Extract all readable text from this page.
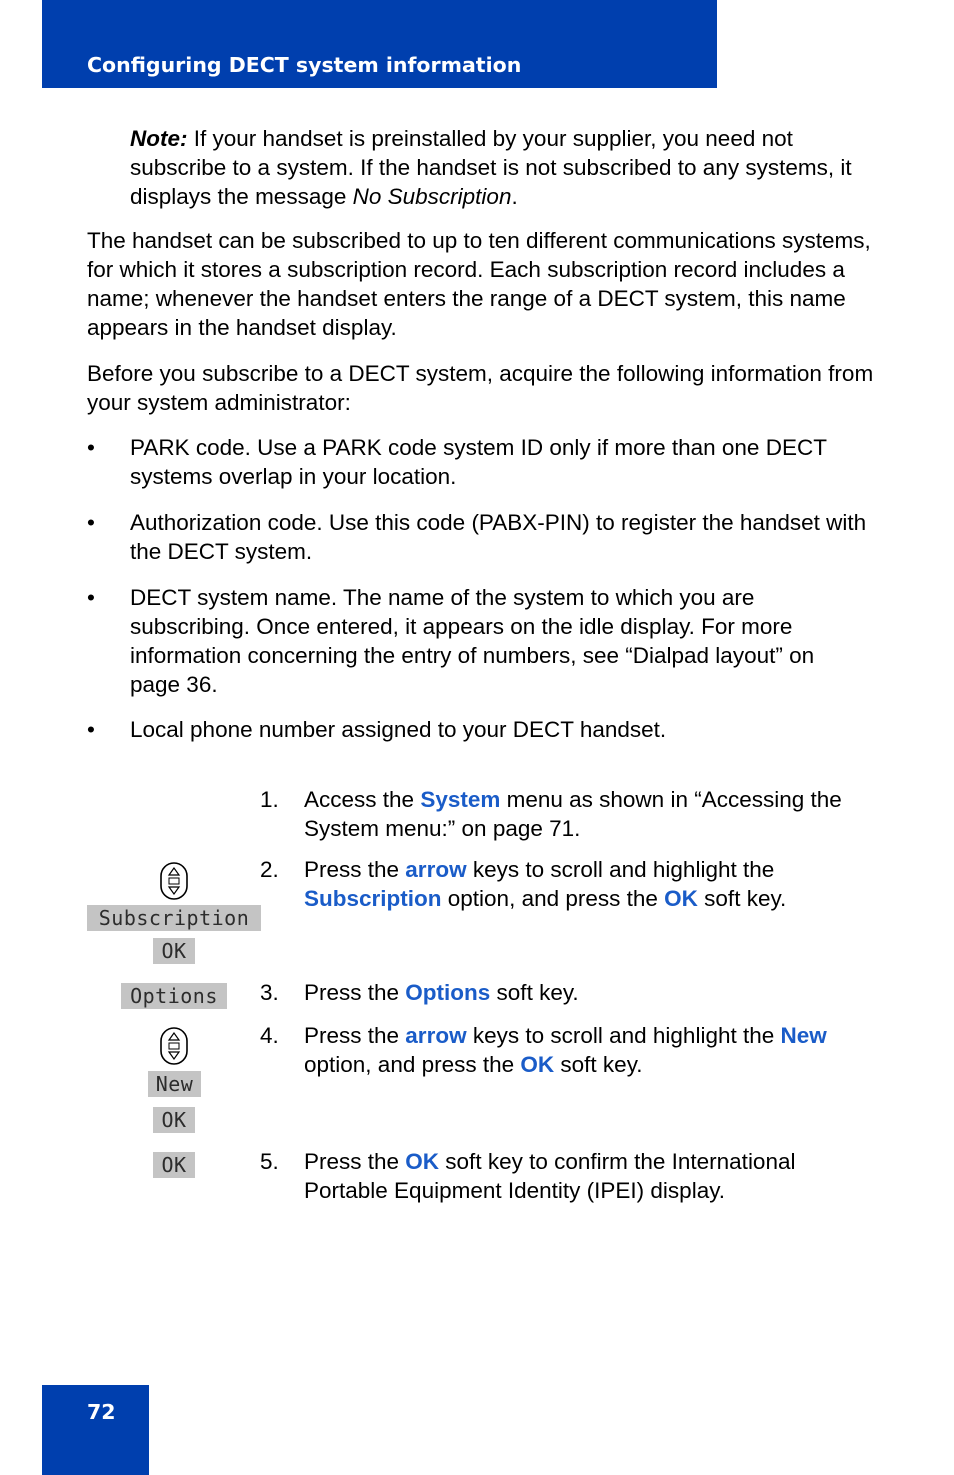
Configuring DECT system information
Note: If your handset is preinstalled by your supplier, you need not subscribe to a system. If the handset is not subscribed to any systems, it displays the message No Subscription.
The handset can be subscribed to up to ten different communications systems, for which it stores a subscription record. Each subscription record includes a name; whenever the handset enters the range of a DECT system, this name appears in the handset display.
Before you subscribe to a DECT system, acquire the following information from your system administrator:
•	PARK code. Use a PARK code system ID only if more than one DECT systems overlap in your location.
•	Authorization code. Use this code (PABX-PIN) to register the handset with the DECT system.
•	DECT system name. The name of the system to which you are subscribing. Once entered, it appears on the idle display. For more information concerning the entry of numbers, see “Dialpad layout” on page 36.
•	Local phone number assigned to your DECT handset.
1. Access the System menu as shown in “Accessing the System menu:” on page 71.
2. Press the arrow keys to scroll and highlight the Subscription option, and press the OK soft key.
3. Press the Options soft key.
4. Press the arrow keys to scroll and highlight the New option, and press the OK soft key.
5. Press the OK soft key to confirm the International Portable Equipment Identity (IPEI) display.
Subscription
OK
Options
New
OK
OK
72
